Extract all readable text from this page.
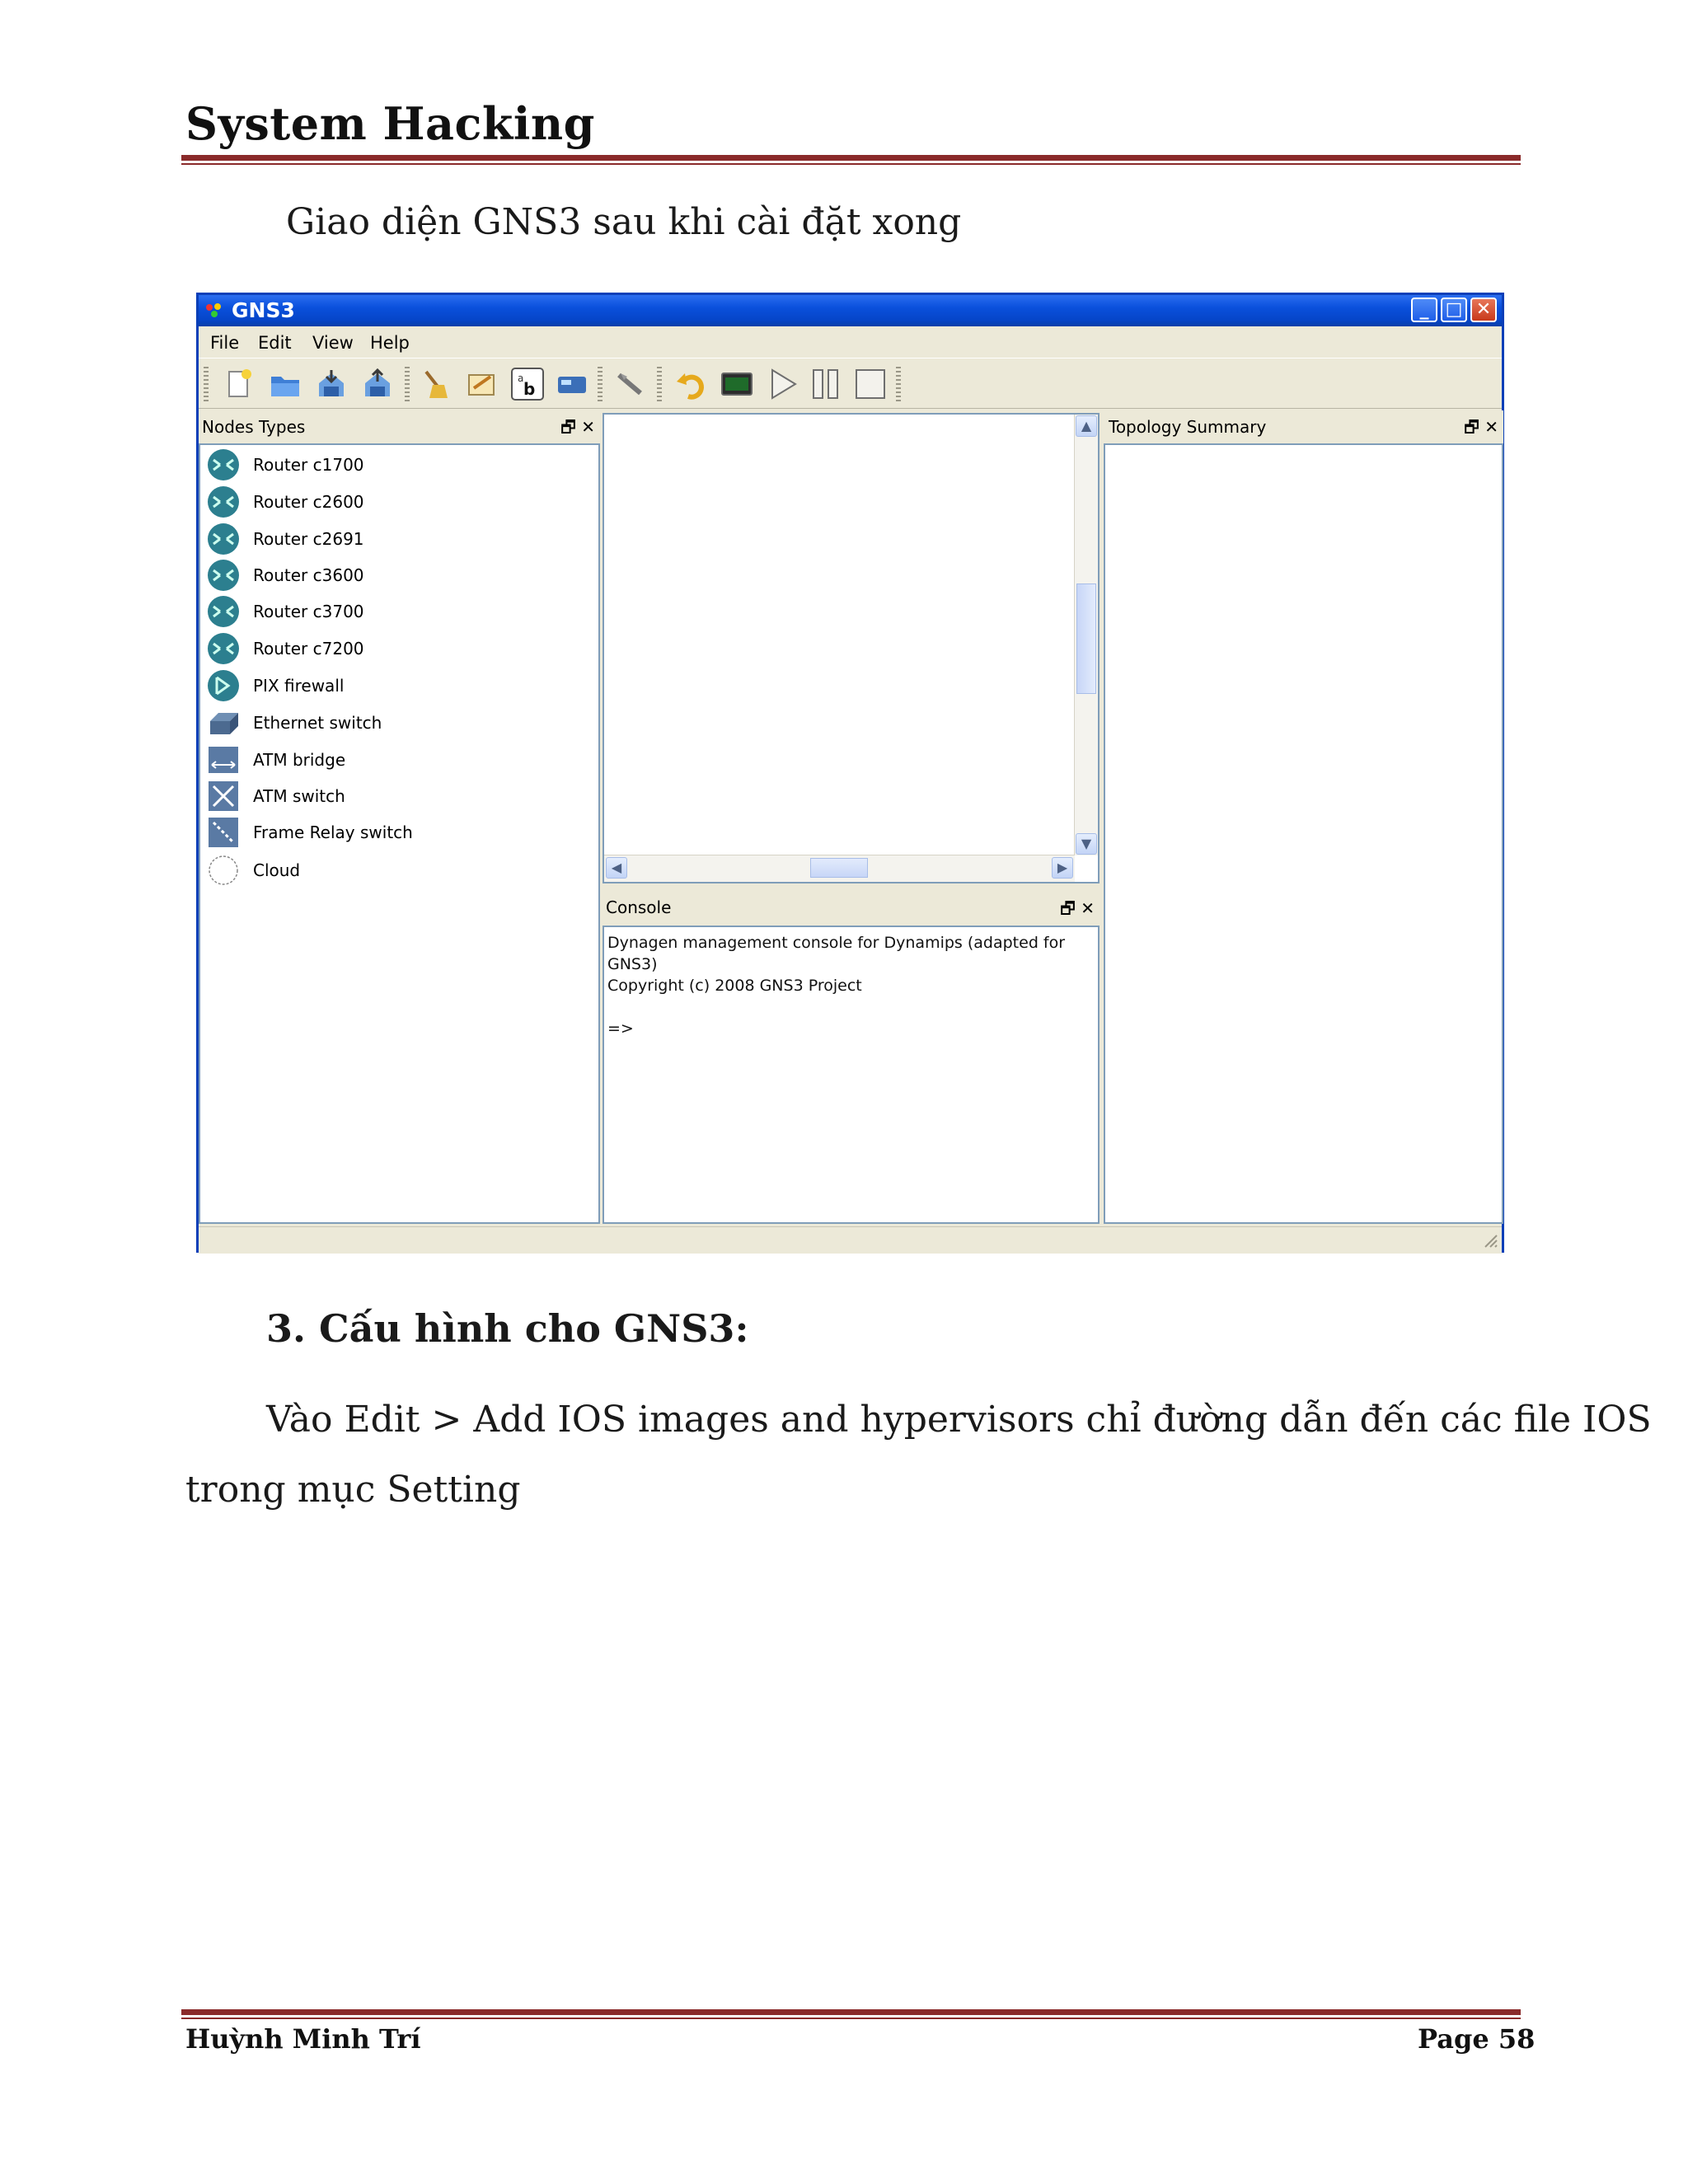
System Hacking
Giao diện GNS3 sau khi cài đặt xong
GNS3	_ □ ✕
File Edit View Help
a
b
Nodes Types	🗗 ✕
Router c1700
Router c2600
Router c2691
Router c3600
Router c3700
Router c7200
PIX firewall
Ethernet switch
ATM bridge
ATM switch
Frame Relay switch
Cloud
▲
▼
◀	▶
Console	🗗 ✕
Dynagen management console for Dynamips (adapted for GNS3)
Copyright (c) 2008 GNS3 Project
=>
Topology Summary	🗗 ✕
3. Cấu hình cho GNS3:
Vào Edit > Add IOS images and hypervisors chỉ đường dẫn đến các file IOS
trong mục Setting
Huỳnh Minh Trí	Page 58
